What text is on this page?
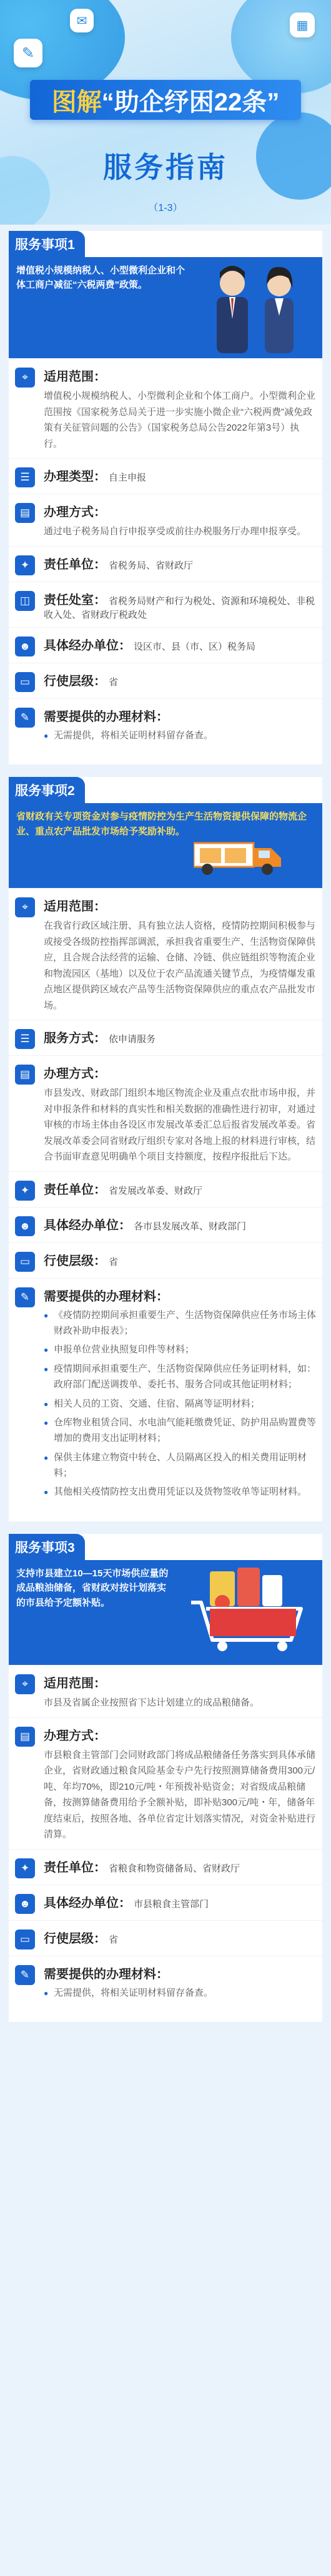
✎
✉	▦
图解 “助企纾困22条”
服务指南
（1-3）
服务事项1
增值税小规模纳税人、小型微利企业和个体工商户减征“六税两费”政策。
⌖	适用范围：
增值税小规模纳税人、小型微利企业和个体工商户。小型微利企业范围按《国家税务总局关于进一步实施小微企业“六税两费”减免政策有关征管问题的公告》（国家税务总局公告2022年第3号）执行。
☰	办理类型： 自主申报
▤	办理方式：
通过电子税务局自行申报享受或前往办税服务厅办理申报享受。
✦	责任单位： 省税务局、省财政厅
◫	责任处室： 省税务局财产和行为税处、资源和环境税处、非税收入处、省财政厅税政处
☻	具体经办单位： 设区市、县（市、区）税务局
▭	行使层级： 省
✎	需要提供的办理材料：
● 无需提供，将相关证明材料留存备查。
服务事项2
省财政有关专项资金对参与疫情防控为生产生活物资提供保障的物流企业、重点农产品批发市场给予奖励补助。
⌖	适用范围：
在我省行政区域注册、具有独立法人资格，疫情防控期间积极参与或接受各级防控指挥部调派，承担我省重要生产、生活物资保障供应，且合规合法经营的运输、仓储、冷链、供应链组织等物流企业和物流园区（基地）以及位于农产品流通关键节点，为疫情爆发重点地区提供跨区域农产品等生活物资保障供应的重点农产品批发市场。
☰	服务方式： 依申请服务
▤	办理方式：
市县发改、财政部门组织本地区物流企业及重点农批市场申报，并对申报条件和材料的真实性和相关数据的准确性进行初审，对通过审核的市场主体由各设区市发展改革委汇总后报省发展改革委。省发展改革委会同省财政厅组织专家对各地上报的材料进行审核，结合书面审查意见明确单个项目支持额度，按程序报批后下达。
✦	责任单位： 省发展改革委、财政厅
☻	具体经办单位： 各市县发展改革、财政部门
▭	行使层级： 省
✎	需要提供的办理材料：
● 《疫情防控期间承担重要生产、生活物资保障供应任务市场主体财政补助申报表》；
● 申报单位营业执照复印件等材料；
● 疫情期间承担重要生产、生活物资保障供应任务证明材料，如：政府部门配送调拨单、委托书、服务合同或其他证明材料；
● 相关人员的工资、交通、住宿、隔离等证明材料；
● 仓库物业租赁合同、水电油气能耗缴费凭证、防护用品购置费等增加的费用支出证明材料；
● 保供主体建立物资中转仓、人员隔离区投入的相关费用证明材料；
● 其他相关疫情防控支出费用凭证以及货物签收单等证明材料。
服务事项3
支持市县建立10—15天市场供应量的成品粮油储备，省财政对按计划落实的市县给予定额补贴。
⌖	适用范围：
市县及省属企业按照省下达计划建立的成品粮储备。
▤	办理方式：
市县粮食主管部门会同财政部门将成品粮储备任务落实到具体承储企业，省财政通过粮食风险基金专户先行按照测算储备费用300元/吨、年均70%，即210元/吨・年预拨补贴资金；对省级成品粮储备，按测算储备费用给予全额补贴，即补贴300元/吨・年，储备年度结束后，按照各地、各单位省定计划落实情况，对资金补贴进行清算。
✦	责任单位： 省粮食和物资储备局、省财政厅
☻	具体经办单位： 市县粮食主管部门
▭	行使层级： 省
✎	需要提供的办理材料：
● 无需提供，将相关证明材料留存备查。
